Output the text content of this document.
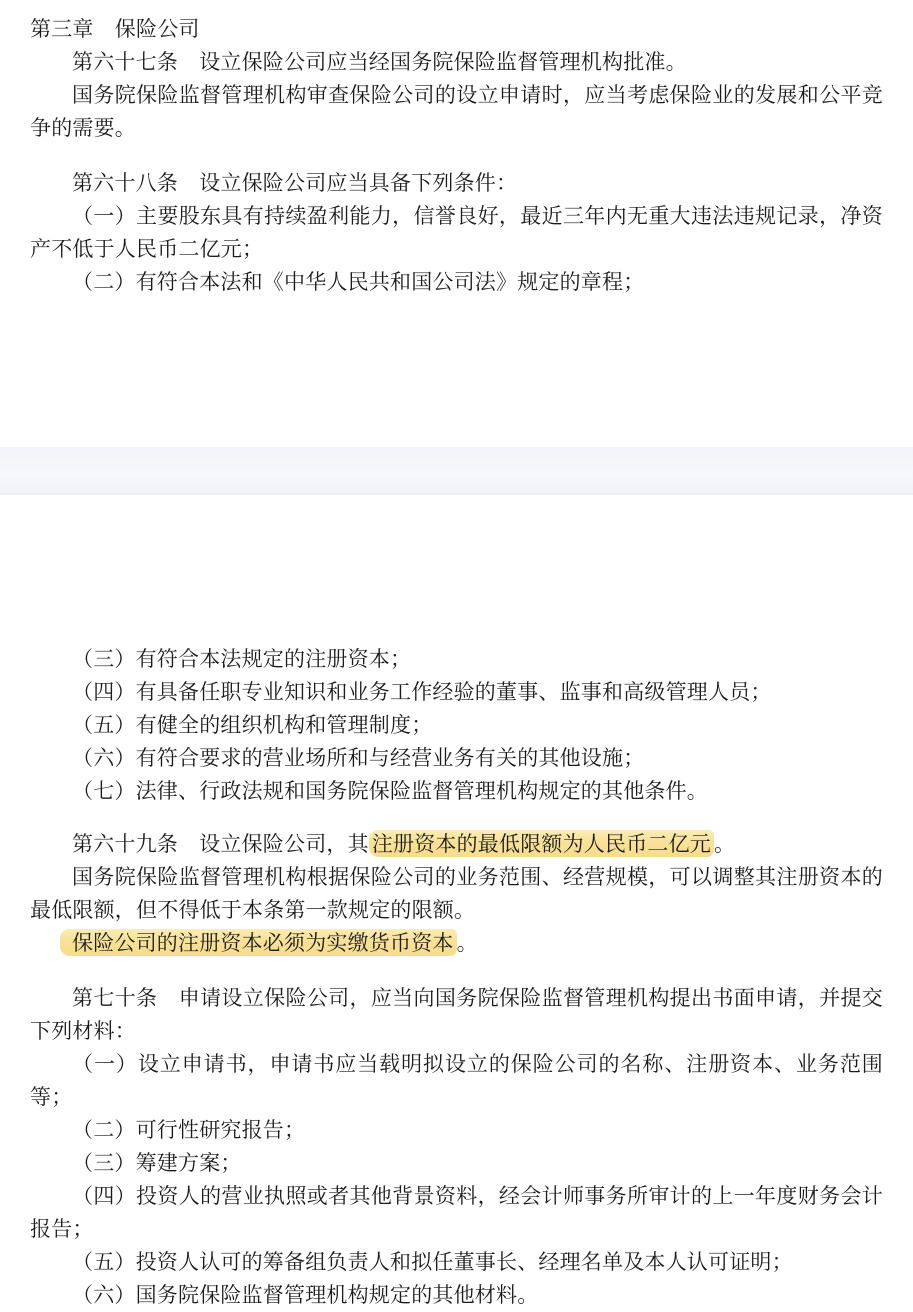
第三章　保险公司

第六十七条　设立保险公司应当经国务院保险监督管理机构批准。

国务院保险监督管理机构审查保险公司的设立申请时，应当考虑保险业的发展和公平竞争的需要。

第六十八条　设立保险公司应当具备下列条件：

（一）主要股东具有持续盈利能力，信誉良好，最近三年内无重大违法违规记录，净资产不低于人民币二亿元；

（二）有符合本法和《中华人民共和国公司法》规定的章程；

（三）有符合本法规定的注册资本；

（四）有具备任职专业知识和业务工作经验的董事、监事和高级管理人员；

（五）有健全的组织机构和管理制度；

（六）有符合要求的营业场所和与经营业务有关的其他设施；

（七）法律、行政法规和国务院保险监督管理机构规定的其他条件。

第六十九条　设立保险公司，其 注册资本的最低限额为人民币二亿元 。

国务院保险监督管理机构根据保险公司的业务范围、经营规模，可以调整其注册资本的最低限额，但不得低于本条第一款规定的限额。

保险公司的注册资本必须为实缴货币资本 。

第七十条　申请设立保险公司，应当向国务院保险监督管理机构提出书面申请，并提交下列材料：

（一）设立申请书，申请书应当载明拟设立的保险公司的名称、注册资本、业务范围等；

（二）可行性研究报告；

（三）筹建方案；

（四）投资人的营业执照或者其他背景资料，经会计师事务所审计的上一年度财务会计报告；

（五）投资人认可的筹备组负责人和拟任董事长、经理名单及本人认可证明；

（六）国务院保险监督管理机构规定的其他材料。
